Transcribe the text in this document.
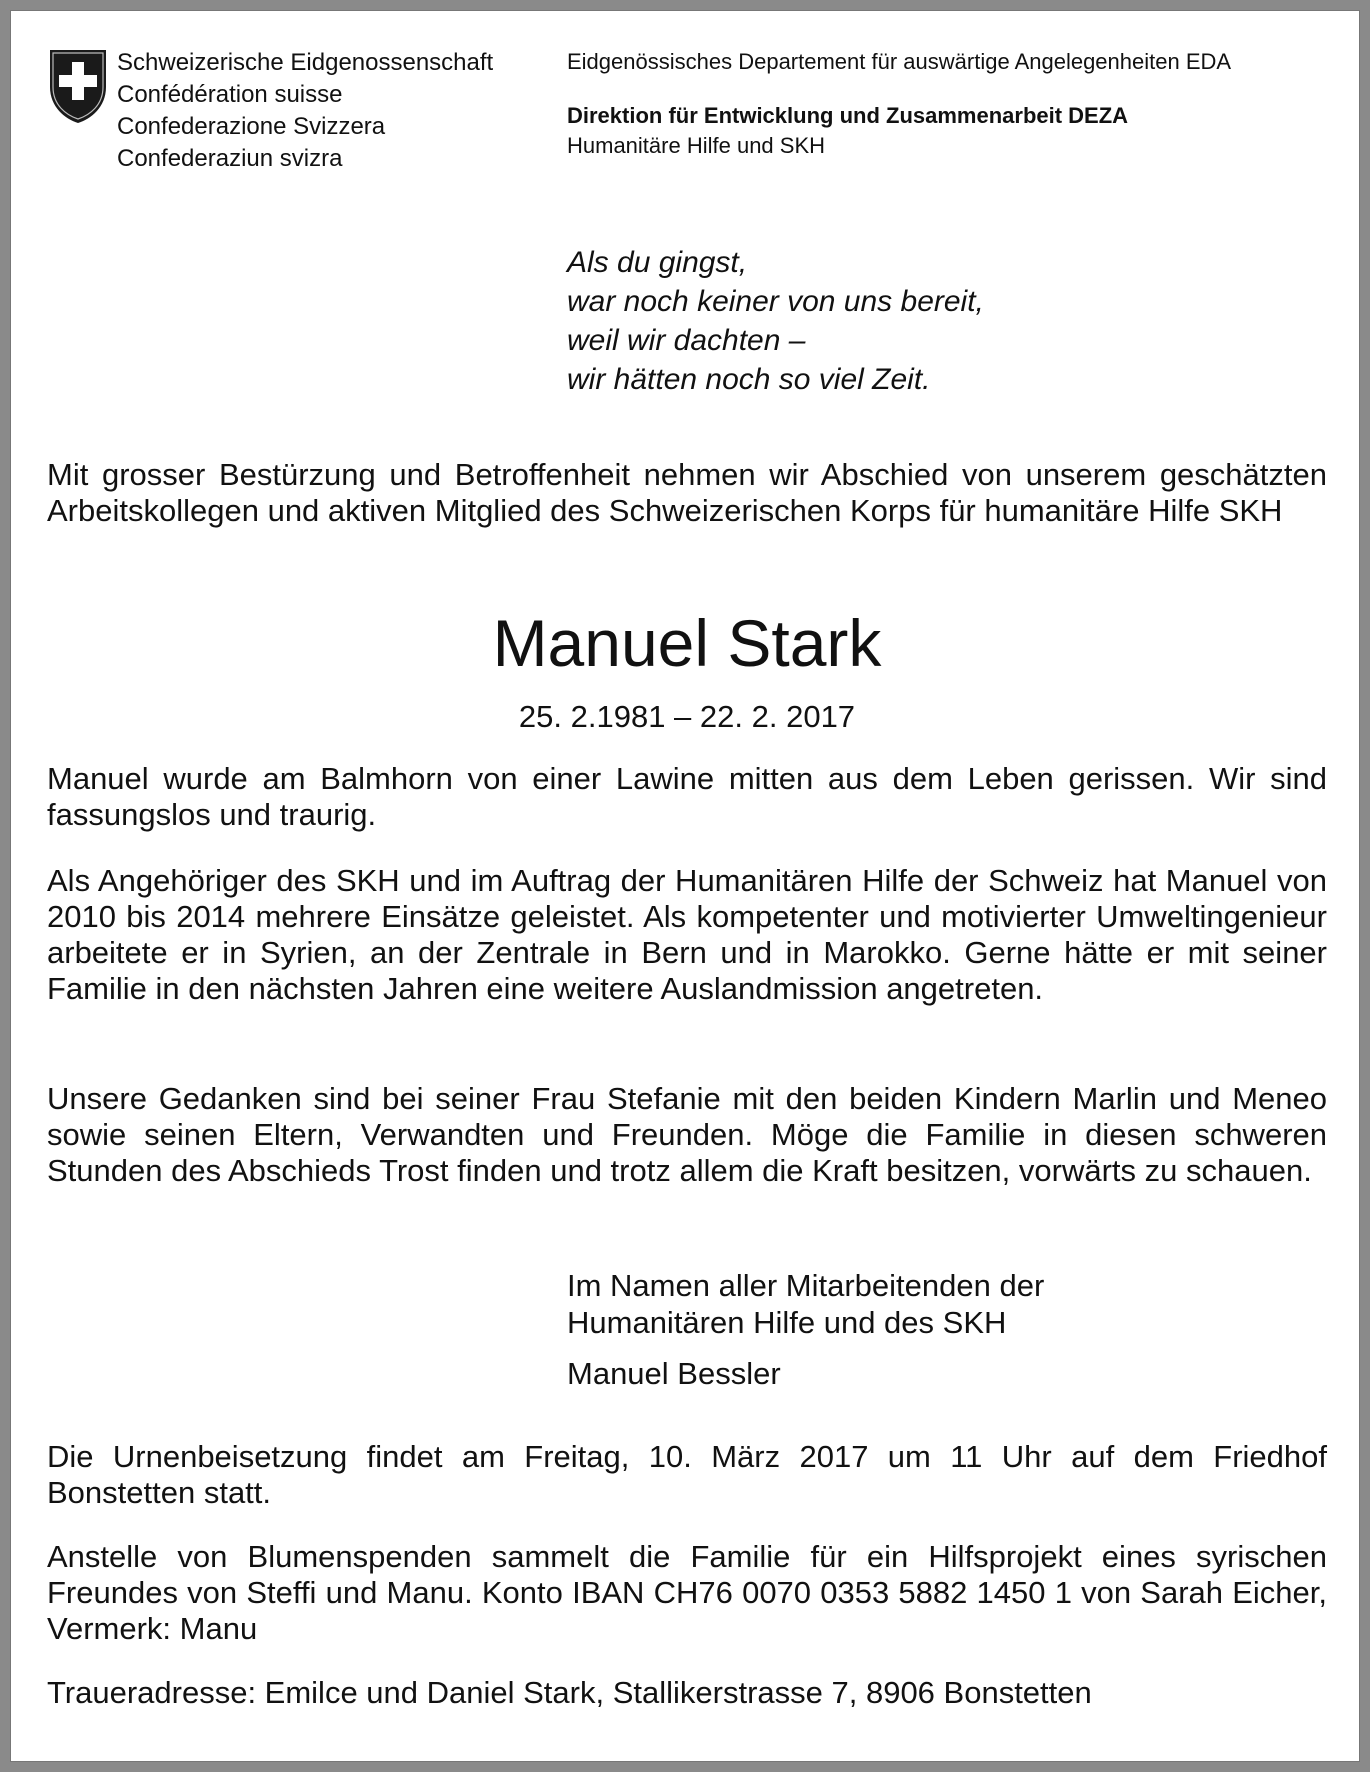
Schweizerische Eidgenossenschaft
Confédération suisse
Confederazione Svizzera
Confederaziun svizra
Eidgenössisches Departement für auswärtige Angelegenheiten EDA
Direktion für Entwicklung und Zusammenarbeit DEZA
Humanitäre Hilfe und SKH
Als du gingst,
war noch keiner von uns bereit,
weil wir dachten –
wir hätten noch so viel Zeit.
Mit grosser Bestürzung und Betroffenheit nehmen wir Abschied von unserem geschätzten Arbeitskollegen und aktiven Mitglied des Schweizerischen Korps für humanitäre Hilfe SKH
Manuel Stark
25. 2.1981 – 22. 2. 2017
Manuel wurde am Balmhorn von einer Lawine mitten aus dem Leben gerissen. Wir sind fassungslos und traurig.
Als Angehöriger des SKH und im Auftrag der Humanitären Hilfe der Schweiz hat Manuel von 2010 bis 2014 mehrere Einsätze geleistet. Als kompetenter und motivierter Umweltingenieur arbeitete er in Syrien, an der Zentrale in Bern und in Marokko. Gerne hätte er mit seiner Familie in den nächsten Jahren eine weitere Auslandmission angetreten.
Unsere Gedanken sind bei seiner Frau Stefanie mit den beiden Kindern Marlin und Meneo sowie seinen Eltern, Verwandten und Freunden. Möge die Familie in diesen schweren Stunden des Abschieds Trost finden und trotz allem die Kraft besitzen, vorwärts zu schauen.
Im Namen aller Mitarbeitenden der
Humanitären Hilfe und des SKH
Manuel Bessler
Die Urnenbeisetzung findet am Freitag, 10. März 2017 um 11 Uhr auf dem Friedhof Bonstetten statt.
Anstelle von Blumenspenden sammelt die Familie für ein Hilfsprojekt eines syrischen Freundes von Steffi und Manu. Konto IBAN CH76 0070 0353 5882 1450 1 von Sarah Eicher, Vermerk: Manu
Traueradresse: Emilce und Daniel Stark, Stallikerstrasse 7, 8906 Bonstetten
